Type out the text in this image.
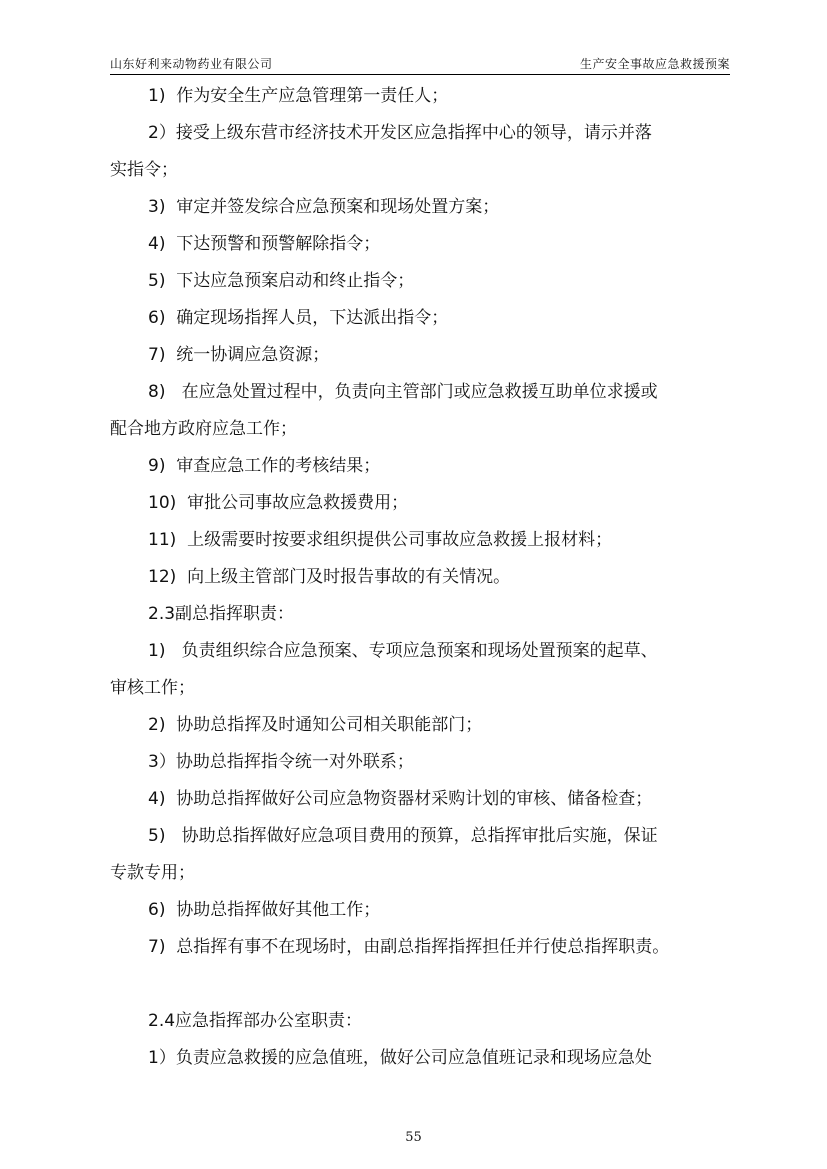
山东好利来动物药业有限公司	生产安全事故应急救援预案

1)  作为安全生产应急管理第一责任人；

2）接受上级东营市经济技术开发区应急指挥中心的领导，请示并落

实指令；

3)  审定并签发综合应急预案和现场处置方案；

4)  下达预警和预警解除指令；

5)  下达应急预案启动和终止指令；

6)  确定现场指挥人员，下达派出指令；

7)  统一协调应急资源；

8)   在应急处置过程中，负责向主管部门或应急救援互助单位求援或

配合地方政府应急工作；

9)  审查应急工作的考核结果；

10)  审批公司事故应急救援费用；

11)  上级需要时按要求组织提供公司事故应急救援上报材料；

12)  向上级主管部门及时报告事故的有关情况。

2.3副总指挥职责：

1)   负责组织综合应急预案、专项应急预案和现场处置预案的起草、

审核工作；

2)  协助总指挥及时通知公司相关职能部门；

3）协助总指挥指令统一对外联系；

4)  协助总指挥做好公司应急物资器材采购计划的审核、储备检查；

5)   协助总指挥做好应急项目费用的预算，总指挥审批后实施，保证

专款专用；

6)  协助总指挥做好其他工作；

7)  总指挥有事不在现场时，由副总指挥指挥担任并行使总指挥职责。

2.4应急指挥部办公室职责：

1）负责应急救援的应急值班，做好公司应急值班记录和现场应急处

55
